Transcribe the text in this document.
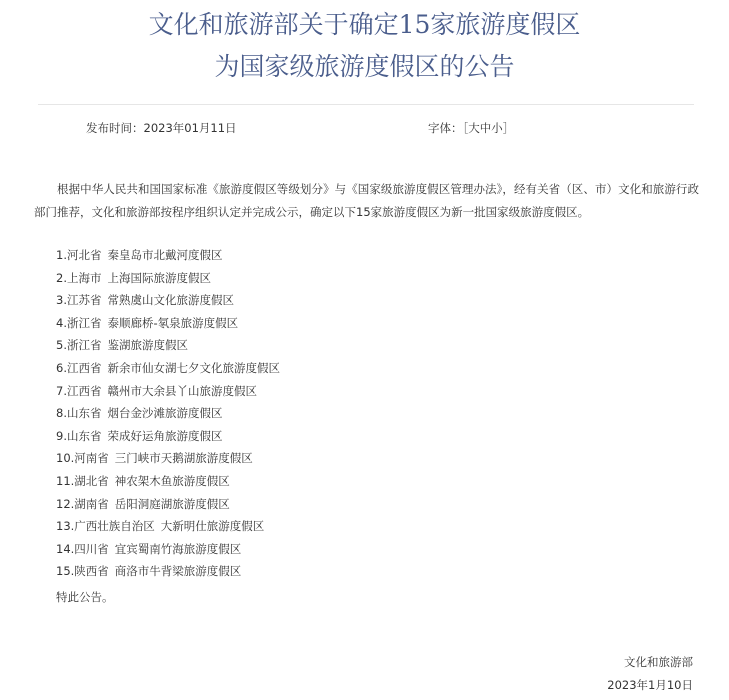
文化和旅游部关于确定15家旅游度假区
为国家级旅游度假区的公告
发布时间：2023年01月11日	字体：［大中小］

根据中华人民共和国国家标准《旅游度假区等级划分》与《国家级旅游度假区管理办法》，经有关省（区、市）文化和旅游行政部门推荐，文化和旅游部按程序组织认定并完成公示，确定以下15家旅游度假区为新一批国家级旅游度假区。

1.河北省 秦皇岛市北戴河度假区
2.上海市 上海国际旅游度假区
3.江苏省 常熟虞山文化旅游度假区
4.浙江省 泰顺廊桥-氡泉旅游度假区
5.浙江省 鉴湖旅游度假区
6.江西省 新余市仙女湖七夕文化旅游度假区
7.江西省 赣州市大余县丫山旅游度假区
8.山东省 烟台金沙滩旅游度假区
9.山东省 荣成好运角旅游度假区
10.河南省 三门峡市天鹅湖旅游度假区
11.湖北省 神农架木鱼旅游度假区
12.湖南省 岳阳洞庭湖旅游度假区
13.广西壮族自治区 大新明仕旅游度假区
14.四川省 宜宾蜀南竹海旅游度假区
15.陕西省 商洛市牛背梁旅游度假区
特此公告。
文化和旅游部
2023年1月10日
